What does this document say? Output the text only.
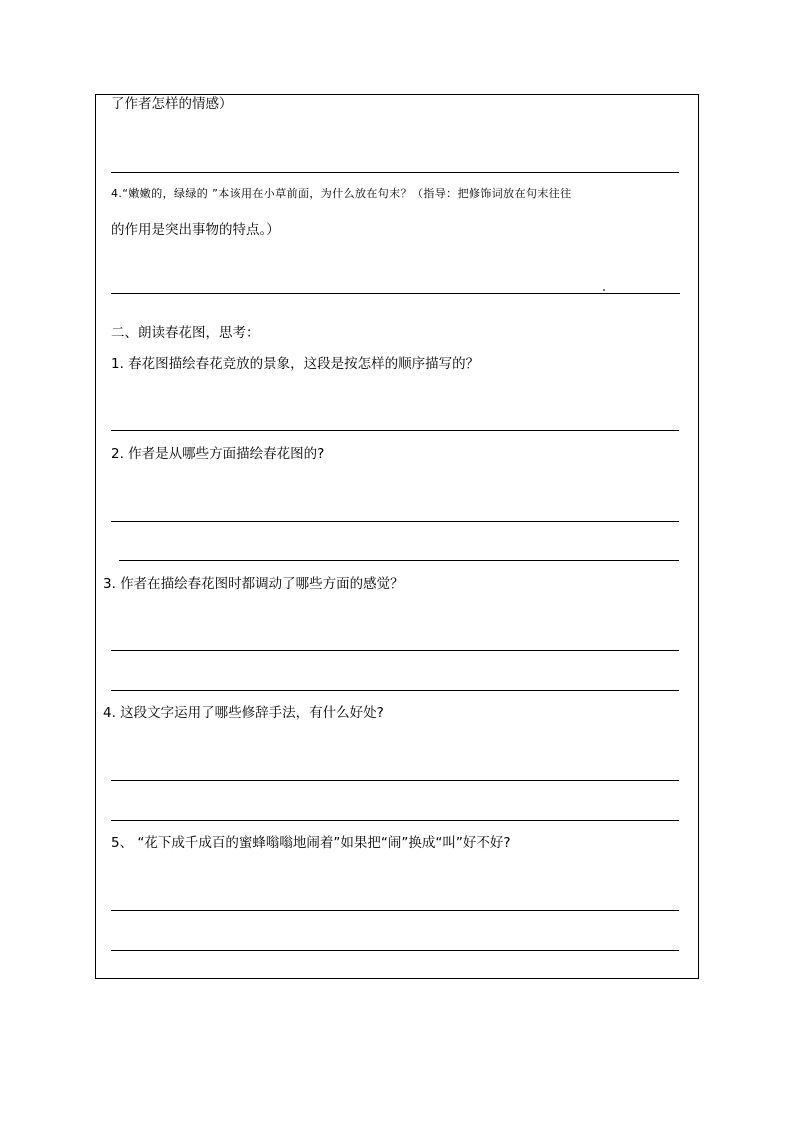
了作者怎样的情感）
4.“嫩嫩的，绿绿的 ”本该用在小草前面，为什么放在句末？（指导：把修饰词放在句末往往
的作用是突出事物的特点。）
二、朗读春花图，思考：
1. 春花图描绘春花竞放的景象，这段是按怎样的顺序描写的？
2. 作者是从哪些方面描绘春花图的?
3. 作者在描绘春花图时都调动了哪些方面的感觉？
4. 这段文字运用了哪些修辞手法，有什么好处?
5、 “花下成千成百的蜜蜂嗡嗡地闹着”如果把“闹”换成“叫”好不好?
